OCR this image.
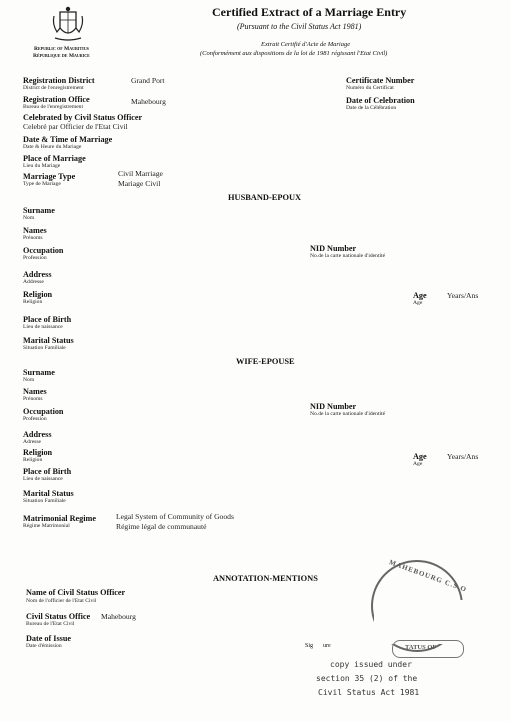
Republic of Mauritius
République de Maurice
Certified Extract of a Marriage Entry
(Pursuant to the Civil Status Act 1981)
Extrait Certifié d'Acte de Mariage
(Conformément aux dispositions de la loi de 1981 régissant l'Etat Civil)
Registration District
District de l'enregistrement
Grand Port
Registration Office
Bureau de l'enregistrement
Mahebourg
Celebrated by Civil Status Officer
Celebré par Officier de l'Etat Civil
Date & Time of Marriage
Date & Heure du Mariage
Place of Marriage
Lieu du Mariage
Marriage Type
Type de Mariage
Civil Marriage
Mariage Civil
Certificate Number
Numéro du Certificat
Date of Celebration
Date de la Célébration
HUSBAND-EPOUX
Surname
Nom
Names
Prénoms
Occupation
Profession
NID Number
No.de la carte nationale d'identité
Address
Addresse
Religion
Religion
Age
Age
Years/Ans
Place of Birth
Lieu de naissance
Marital Status
Situation Familiale
WIFE-EPOUSE
Surname
Nom
Names
Prénoms
Occupation
Profession
NID Number
No.de la carte nationale d'identité
Address
Adresse
Religion
Religion	Age
Age
Years/Ans
Place of Birth
Lieu de naissance
Marital Status
Situation Familiale
Matrimonial Regime
Régime Matrimonial
Legal System of Community of Goods
Régime légal de communauté
ANNOTATION-MENTIONS
Name of Civil Status Officer
Nom de l'officier de l'Etat Civil
Civil Status Office
Bureau de l'Etat Civil
Mahebourg
Date of Issue
Date d'émission	Sig ure
MAHEBOURG C.S.O
TATUS OF
copy issued under
section 35 (2) of the
Civil Status Act 1981
